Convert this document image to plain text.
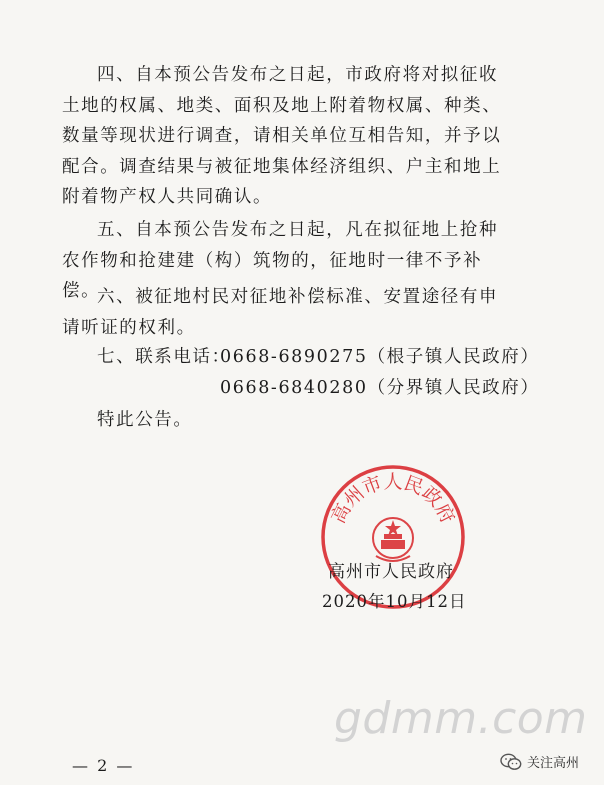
四、自本预公告发布之日起，市政府将对拟征收土地的权属、地类、面积及地上附着物权属、种类、数量等现状进行调查，请相关单位互相告知，并予以配合。调查结果与被征地集体经济组织、户主和地上附着物产权人共同确认。

五、自本预公告发布之日起，凡在拟征地上抢种农作物和抢建建（构）筑物的，征地时一律不予补偿。

六、被征地村民对征地补偿标准、安置途径有申请听证的权利。

七、联系电话：
0668-6890275（根子镇人民政府）
0668-6840280（分界镇人民政府）
特此公告。
高州市人民政府
高州市人民政府
2020年10月12日
gdmm.com
— 2 —	关注高州
